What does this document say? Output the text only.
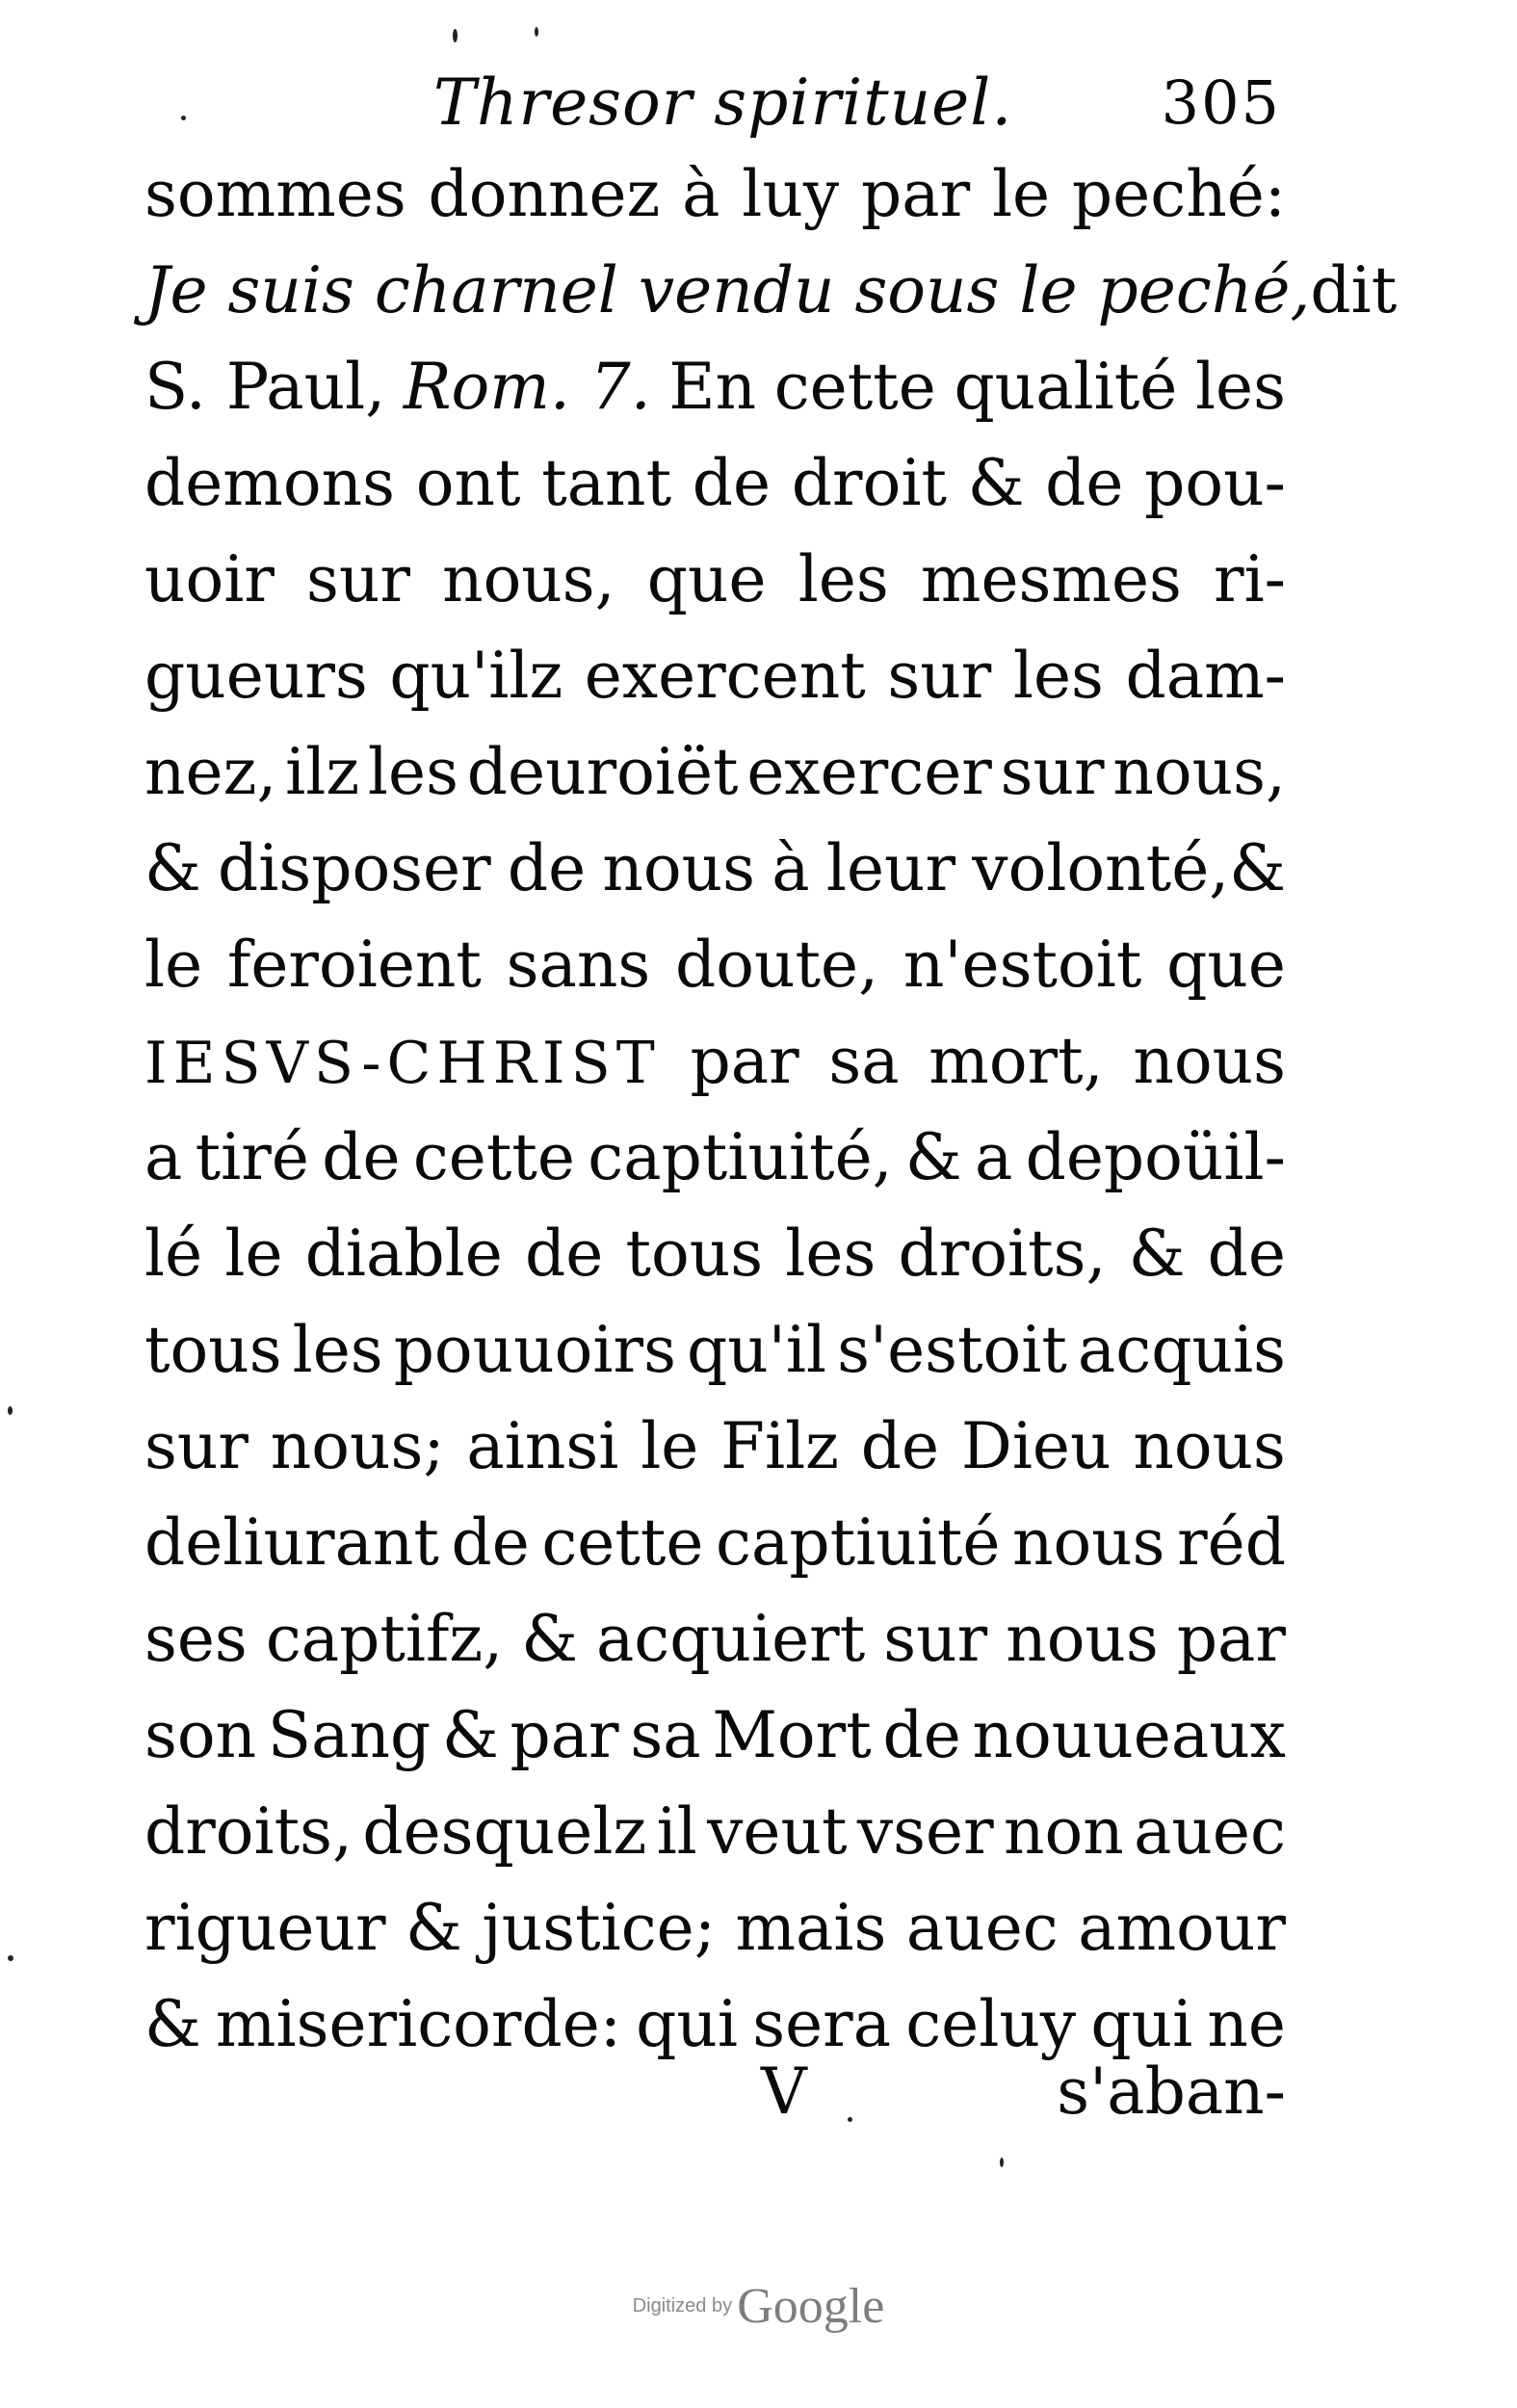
Thresor spirituel. 305
sommes donnez à luy par le peché:
Je suis charnel vendu sous le peché, dit
S. Paul, Rom. 7. En cette qualité les
demons ont tant de droit & de pou-
uoir sur nous, que les mesmes ri-
gueurs qu'ilz exercent sur les dam-
nez, ilz les deuroiët exercer sur nous,
& disposer de nous à leur volonté,&
le feroient sans doute, n'estoit que
IESVS-CHRIST par sa mort, nous
a tiré de cette captiuité, & a depoüil-
lé le diable de tous les droits, & de
tous les pouuoirs qu'il s'estoit acquis
sur nous; ainsi le Filz de Dieu nous
deliurant de cette captiuité nous réd
ses captifz, & acquiert sur nous par
son Sang & par sa Mort de nouueaux
droits, desquelz il veut vser non auec
rigueur & justice; mais auec amour
& misericorde: qui sera celuy qui ne
V	s'aban-
Digitized by Google
